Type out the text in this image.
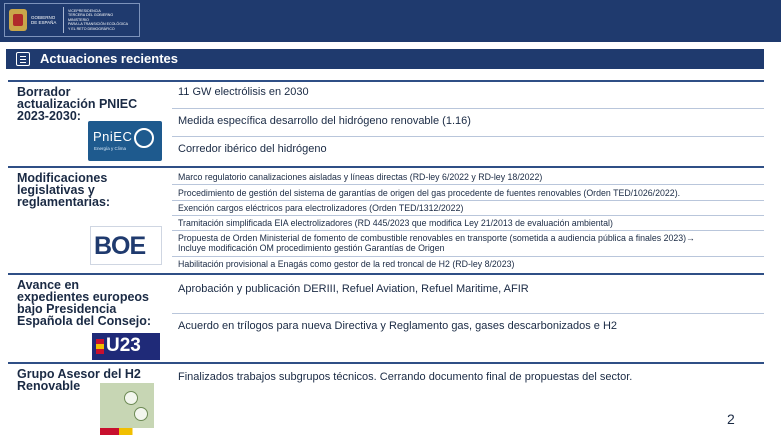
GOBIERNO
DE ESPAÑA
VICEPRESIDENCIA
TERCERA DEL GOBIERNO
MINISTERIO
PARA LA TRANSICIÓN ECOLÓGICA
Y EL RETO DEMOGRÁFICO
Actuaciones recientes
Borrador
actualización PNIEC
2023-2030:
PniEC
Energía y Clima
11 GW electrólisis en 2030
Medida específica desarrollo del hidrógeno renovable (1.16)
Corredor ibérico del hidrógeno
Modificaciones
legislativas y
reglamentarias:
BOE
Marco regulatorio canalizaciones aisladas y líneas directas (RD-ley 6/2022 y RD-ley 18/2022)
Procedimiento de gestión del sistema de garantías de origen del gas procedente de fuentes renovables (Orden TED/1026/2022).
Exención cargos eléctricos para electrolizadores (Orden TED/1312/2022)
Tramitación simplificada EIA electrolizadores (RD 445/2023 que modifica Ley 21/2013 de evaluación ambiental)
Propuesta de Orden Ministerial de fomento de combustible renovables en transporte (sometida a audiencia pública a finales 2023)→
Incluye modificación OM procedimiento gestión Garantías de Origen
Habilitación provisional a Enagás como gestor de la red troncal de H2 (RD-ley 8/2023)
Avance en
expedientes europeos
bajo Presidencia
Española del Consejo:
U23
Aprobación y publicación DERIII, Refuel Aviation, Refuel Maritime, AFIR
Acuerdo en trílogos para nueva Directiva y Reglamento gas, gases descarbonizados e H2
Grupo Asesor del H2
Renovable
Finalizados trabajos subgrupos técnicos. Cerrando documento final de propuestas del sector.
2
